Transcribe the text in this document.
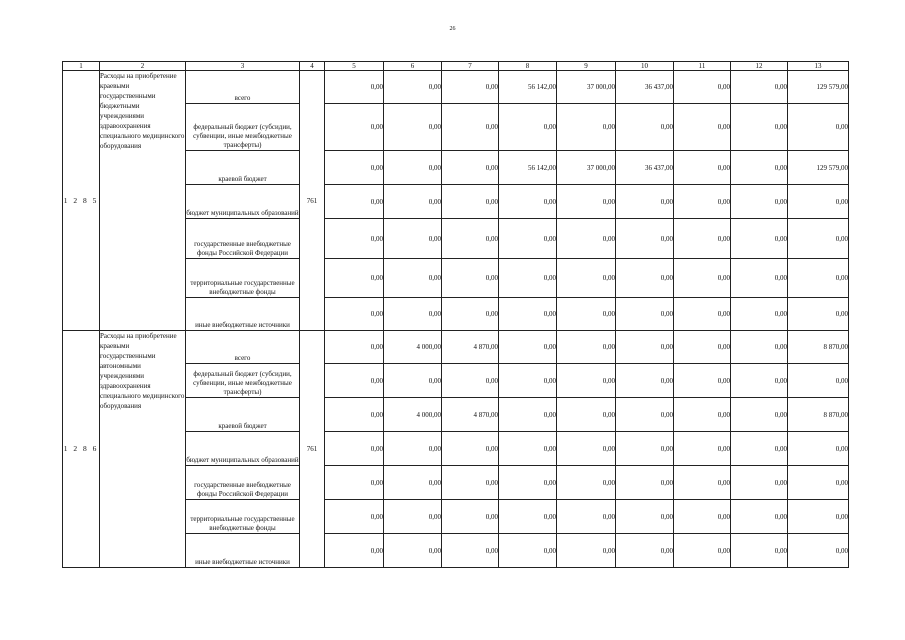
26
1	2	3	4	5	6	7	8	9	10	11	12	13
1 2 8 5	Расходы на приобретение краевыми государственными бюджетными учреждениями здравоохранения специального медицинского оборудования	всего	761	0,00	0,00	0,00	56 142,00	37 000,00	36 437,00	0,00	0,00	129 579,00
		федеральный бюджет (субсидии, субвенции, иные межбюджетные трансферты)		0,00	0,00	0,00	0,00	0,00	0,00	0,00	0,00	0,00
		краевой бюджет		0,00	0,00	0,00	56 142,00	37 000,00	36 437,00	0,00	0,00	129 579,00
		бюджет муниципальных образований		0,00	0,00	0,00	0,00	0,00	0,00	0,00	0,00	0,00
		государственные внебюджетные фонды Российской Федерации		0,00	0,00	0,00	0,00	0,00	0,00	0,00	0,00	0,00
		территориальные государственные внебюджетные фонды		0,00	0,00	0,00	0,00	0,00	0,00	0,00	0,00	0,00
		иные внебюджетные источники		0,00	0,00	0,00	0,00	0,00	0,00	0,00	0,00	0,00
1 2 8 6	Расходы на приобретение краевыми государственными автономными учреждениями здравоохранения специального медицинского оборудования	всего	761	0,00	4 000,00	4 870,00	0,00	0,00	0,00	0,00	0,00	8 870,00
		федеральный бюджет (субсидии, субвенции, иные межбюджетные трансферты)		0,00	0,00	0,00	0,00	0,00	0,00	0,00	0,00	0,00
		краевой бюджет		0,00	4 000,00	4 870,00	0,00	0,00	0,00	0,00	0,00	8 870,00
		бюджет муниципальных образований		0,00	0,00	0,00	0,00	0,00	0,00	0,00	0,00	0,00
		государственные внебюджетные фонды Российской Федерации		0,00	0,00	0,00	0,00	0,00	0,00	0,00	0,00	0,00
		территориальные государственные внебюджетные фонды		0,00	0,00	0,00	0,00	0,00	0,00	0,00	0,00	0,00
		иные внебюджетные источники		0,00	0,00	0,00	0,00	0,00	0,00	0,00	0,00	0,00
